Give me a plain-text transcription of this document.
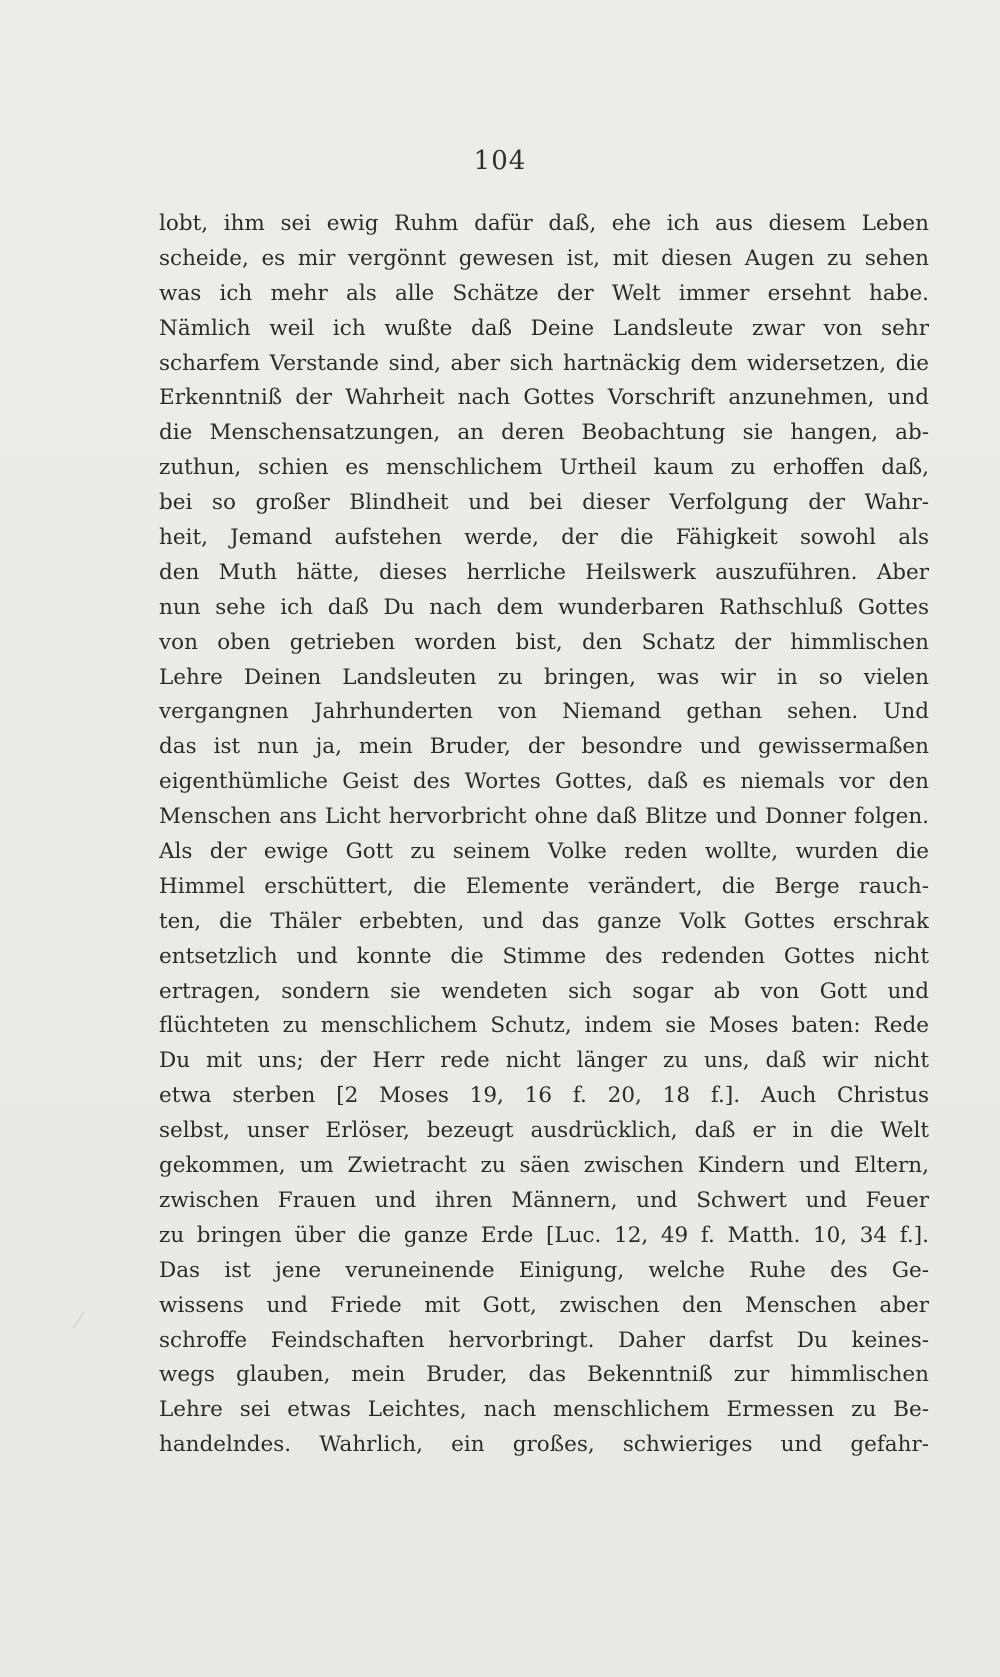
104
lobt, ihm sei ewig Ruhm dafür daß, ehe ich aus diesem Leben
scheide, es mir vergönnt gewesen ist, mit diesen Augen zu sehen
was ich mehr als alle Schätze der Welt immer ersehnt habe.
Nämlich weil ich wußte daß Deine Landsleute zwar von sehr
scharfem Verstande sind, aber sich hartnäckig dem widersetzen, die
Erkenntniß der Wahrheit nach Gottes Vorschrift anzunehmen, und
die Menschensatzungen, an deren Beobachtung sie hangen, ab-
zuthun, schien es menschlichem Urtheil kaum zu erhoffen daß,
bei so großer Blindheit und bei dieser Verfolgung der Wahr-
heit, Jemand aufstehen werde, der die Fähigkeit sowohl als
den Muth hätte, dieses herrliche Heilswerk auszuführen. Aber
nun sehe ich daß Du nach dem wunderbaren Rathschluß Gottes
von oben getrieben worden bist, den Schatz der himmlischen
Lehre Deinen Landsleuten zu bringen, was wir in so vielen
vergangnen Jahrhunderten von Niemand gethan sehen. Und
das ist nun ja, mein Bruder, der besondre und gewissermaßen
eigenthümliche Geist des Wortes Gottes, daß es niemals vor den
Menschen ans Licht hervorbricht ohne daß Blitze und Donner folgen.
Als der ewige Gott zu seinem Volke reden wollte, wurden die
Himmel erschüttert, die Elemente verändert, die Berge rauch-
ten, die Thäler erbebten, und das ganze Volk Gottes erschrak
entsetzlich und konnte die Stimme des redenden Gottes nicht
ertragen, sondern sie wendeten sich sogar ab von Gott und
flüchteten zu menschlichem Schutz, indem sie Moses baten: Rede
Du mit uns; der Herr rede nicht länger zu uns, daß wir nicht
etwa sterben [2 Moses 19, 16 f. 20, 18 f.]. Auch Christus
selbst, unser Erlöser, bezeugt ausdrücklich, daß er in die Welt
gekommen, um Zwietracht zu säen zwischen Kindern und Eltern,
zwischen Frauen und ihren Männern, und Schwert und Feuer
zu bringen über die ganze Erde [Luc. 12, 49 f. Matth. 10, 34 f.].
Das ist jene veruneinende Einigung, welche Ruhe des Ge-
wissens und Friede mit Gott, zwischen den Menschen aber
schroffe Feindschaften hervorbringt. Daher darfst Du keines-
wegs glauben, mein Bruder, das Bekenntniß zur himmlischen
Lehre sei etwas Leichtes, nach menschlichem Ermessen zu Be-
handelndes. Wahrlich, ein großes, schwieriges und gefahr-
